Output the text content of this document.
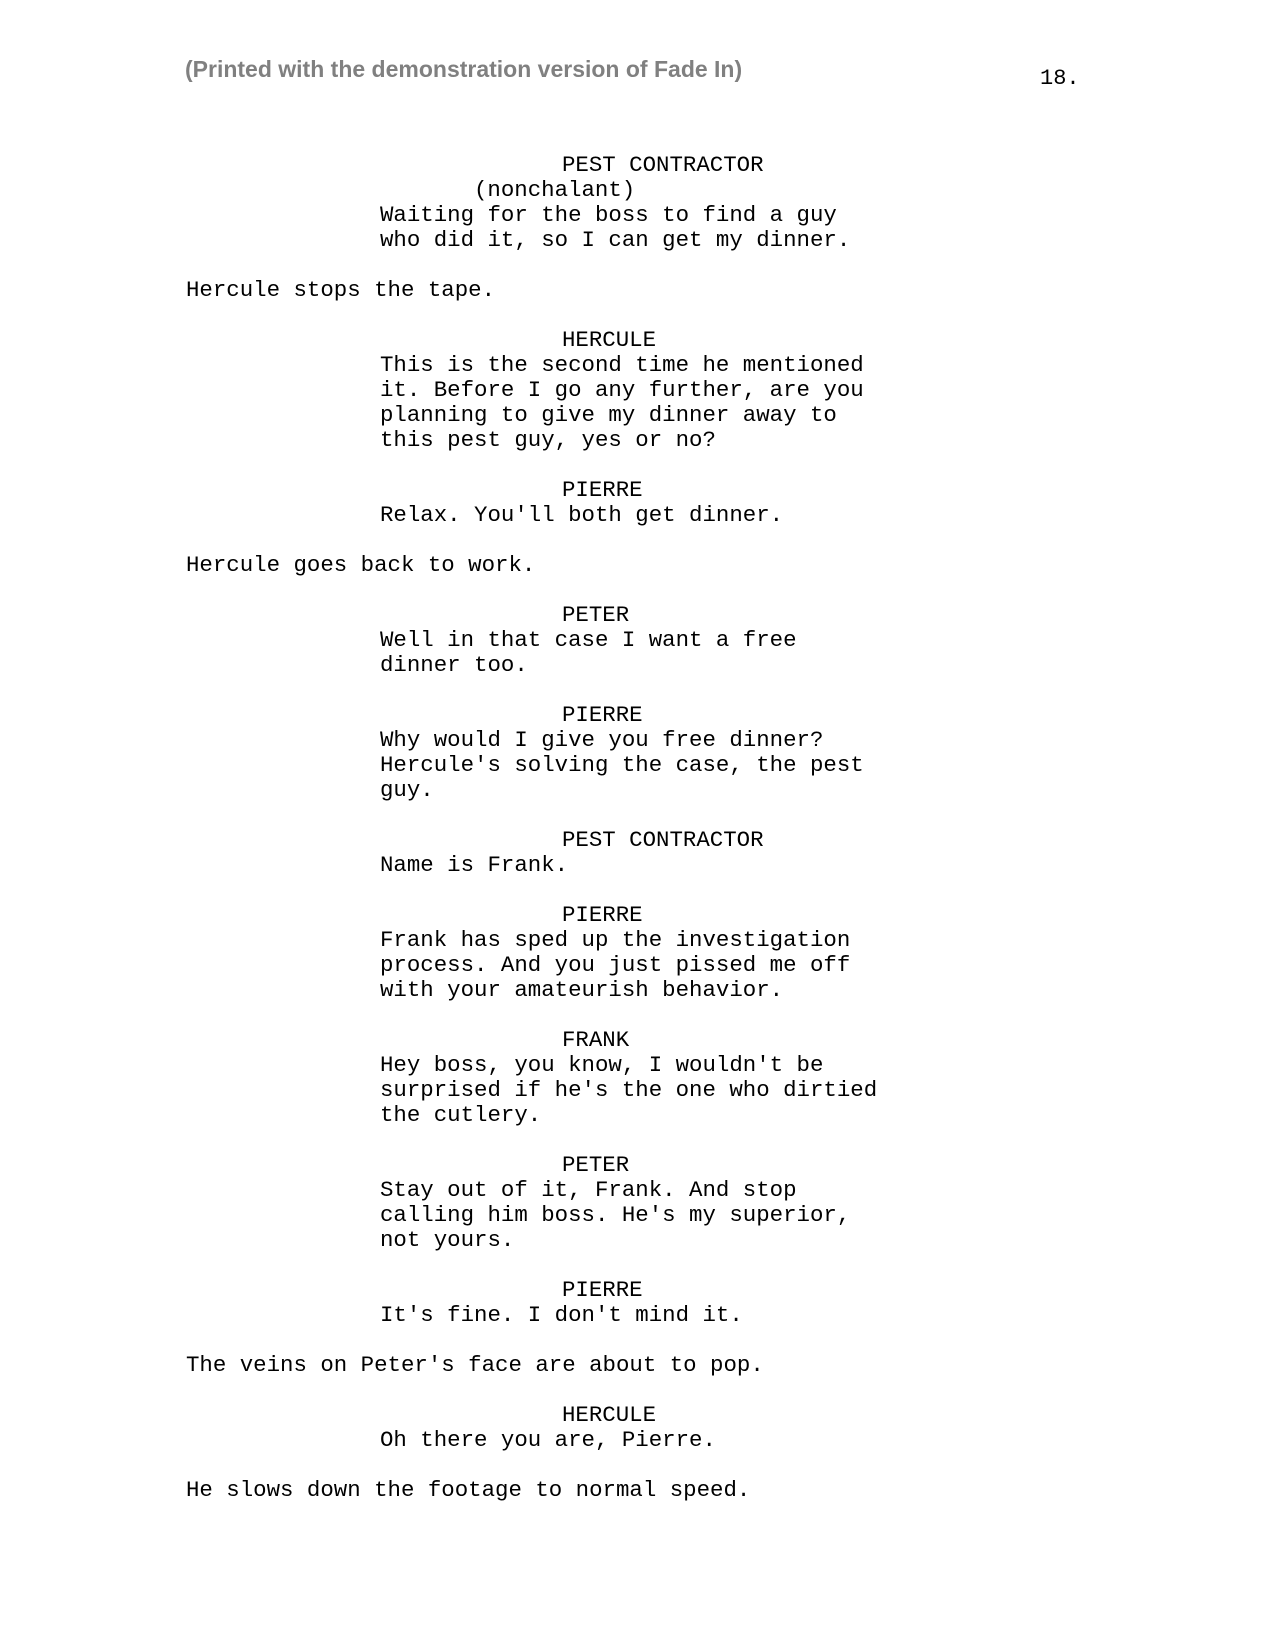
(Printed with the demonstration version of Fade In)	18.
PEST CONTRACTOR
(nonchalant)
Waiting for the boss to find a guy
who did it, so I can get my dinner.
Hercule stops the tape.
HERCULE
This is the second time he mentioned
it. Before I go any further, are you
planning to give my dinner away to
this pest guy, yes or no?
PIERRE
Relax. You'll both get dinner.
Hercule goes back to work.
PETER
Well in that case I want a free
dinner too.
PIERRE
Why would I give you free dinner?
Hercule's solving the case, the pest
guy.
PEST CONTRACTOR
Name is Frank.
PIERRE
Frank has sped up the investigation
process. And you just pissed me off
with your amateurish behavior.
FRANK
Hey boss, you know, I wouldn't be
surprised if he's the one who dirtied
the cutlery.
PETER
Stay out of it, Frank. And stop
calling him boss. He's my superior,
not yours.
PIERRE
It's fine. I don't mind it.
The veins on Peter's face are about to pop.
HERCULE
Oh there you are, Pierre.
He slows down the footage to normal speed.
